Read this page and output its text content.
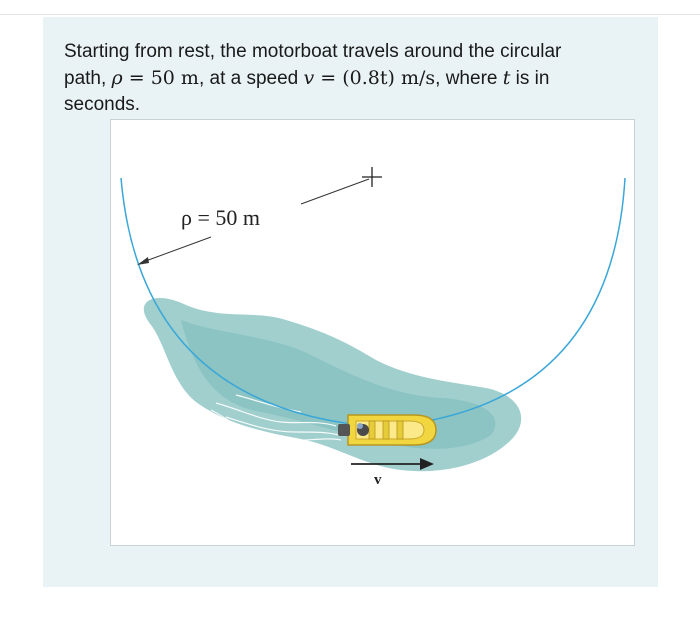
Starting from rest, the motorboat travels around the circular
path, ρ = 50 m, at a speed v = (0.8t) m/s, where t is in
seconds.
ρ = 50 m
v
